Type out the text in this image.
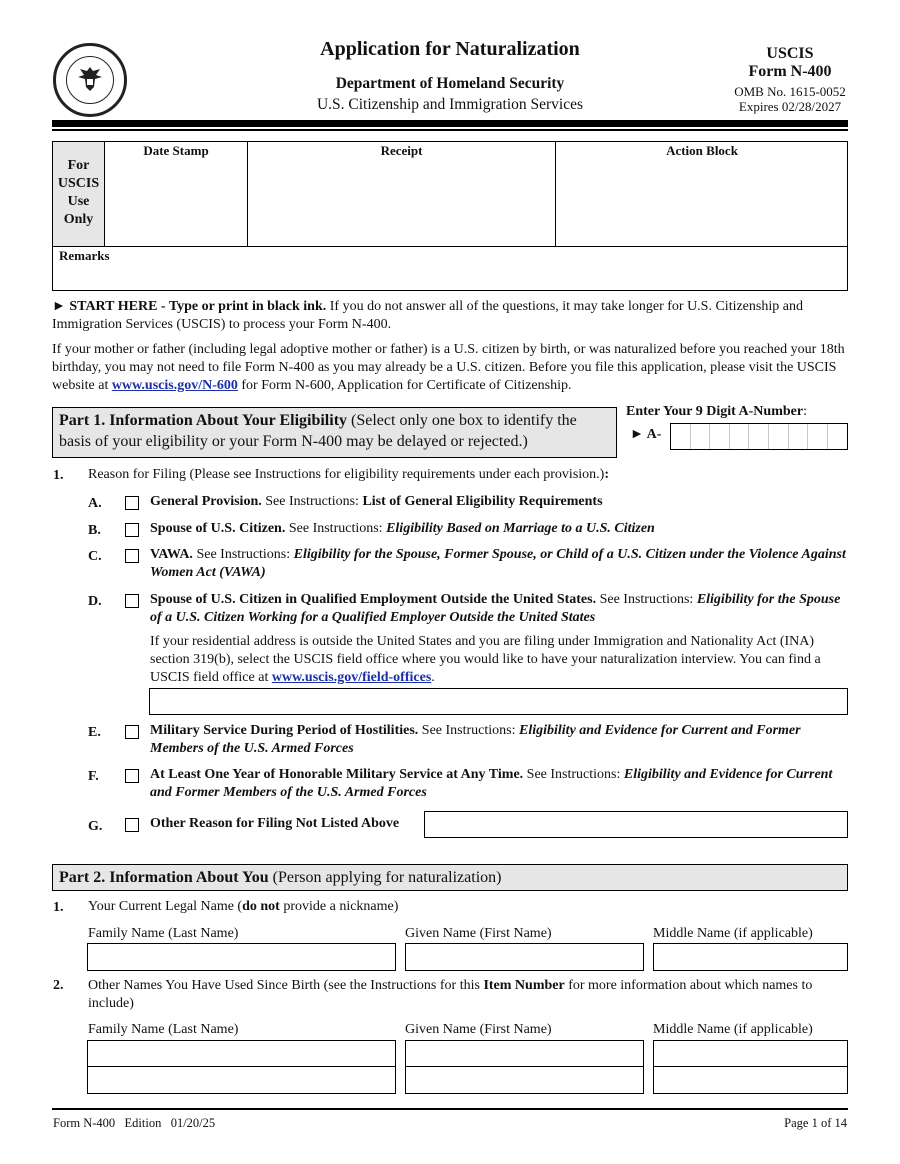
Application for Naturalization
Department of Homeland Security
U.S. Citizenship and Immigration Services
USCIS
Form N-400
OMB No. 1615-0052
Expires 02/28/2027
For USCIS Use Only
Date Stamp	Receipt	Action Block
Remarks
► START HERE - Type or print in black ink. If you do not answer all of the questions, it may take longer for U.S. Citizenship and Immigration Services (USCIS) to process your Form N-400.
If your mother or father (including legal adoptive mother or father) is a U.S. citizen by birth, or was naturalized before you reached your 18th birthday, you may not need to file Form N-400 as you may already be a U.S. citizen. Before you file this application, please visit the USCIS website at www.uscis.gov/N-600 for Form N-600, Application for Certificate of Citizenship.
Part 1. Information About Your Eligibility (Select only one box to identify the basis of your eligibility or your Form N-400 may be delayed or rejected.)
Enter Your 9 Digit A-Number:
► A-
1. Reason for Filing (Please see Instructions for eligibility requirements under each provision.):
A.	General Provision. See Instructions: List of General Eligibility Requirements
B.	Spouse of U.S. Citizen. See Instructions: Eligibility Based on Marriage to a U.S. Citizen
C.	VAWA. See Instructions: Eligibility for the Spouse, Former Spouse, or Child of a U.S. Citizen under the Violence Against Women Act (VAWA)
D.	Spouse of U.S. Citizen in Qualified Employment Outside the United States. See Instructions: Eligibility for the Spouse of a U.S. Citizen Working for a Qualified Employer Outside the United States
If your residential address is outside the United States and you are filing under Immigration and Nationality Act (INA) section 319(b), select the USCIS field office where you would like to have your naturalization interview. You can find a USCIS field office at www.uscis.gov/field-offices.
E.	Military Service During Period of Hostilities. See Instructions: Eligibility and Evidence for Current and Former Members of the U.S. Armed Forces
F.	At Least One Year of Honorable Military Service at Any Time. See Instructions: Eligibility and Evidence for Current and Former Members of the U.S. Armed Forces
G.	Other Reason for Filing Not Listed Above
Part 2. Information About You (Person applying for naturalization)
1. Your Current Legal Name (do not provide a nickname)
Family Name (Last Name)	Given Name (First Name)	Middle Name (if applicable)
2. Other Names You Have Used Since Birth (see the Instructions for this Item Number for more information about which names to include)
Family Name (Last Name)	Given Name (First Name)	Middle Name (if applicable)
Form N-400   Edition   01/20/25	Page 1 of 14
